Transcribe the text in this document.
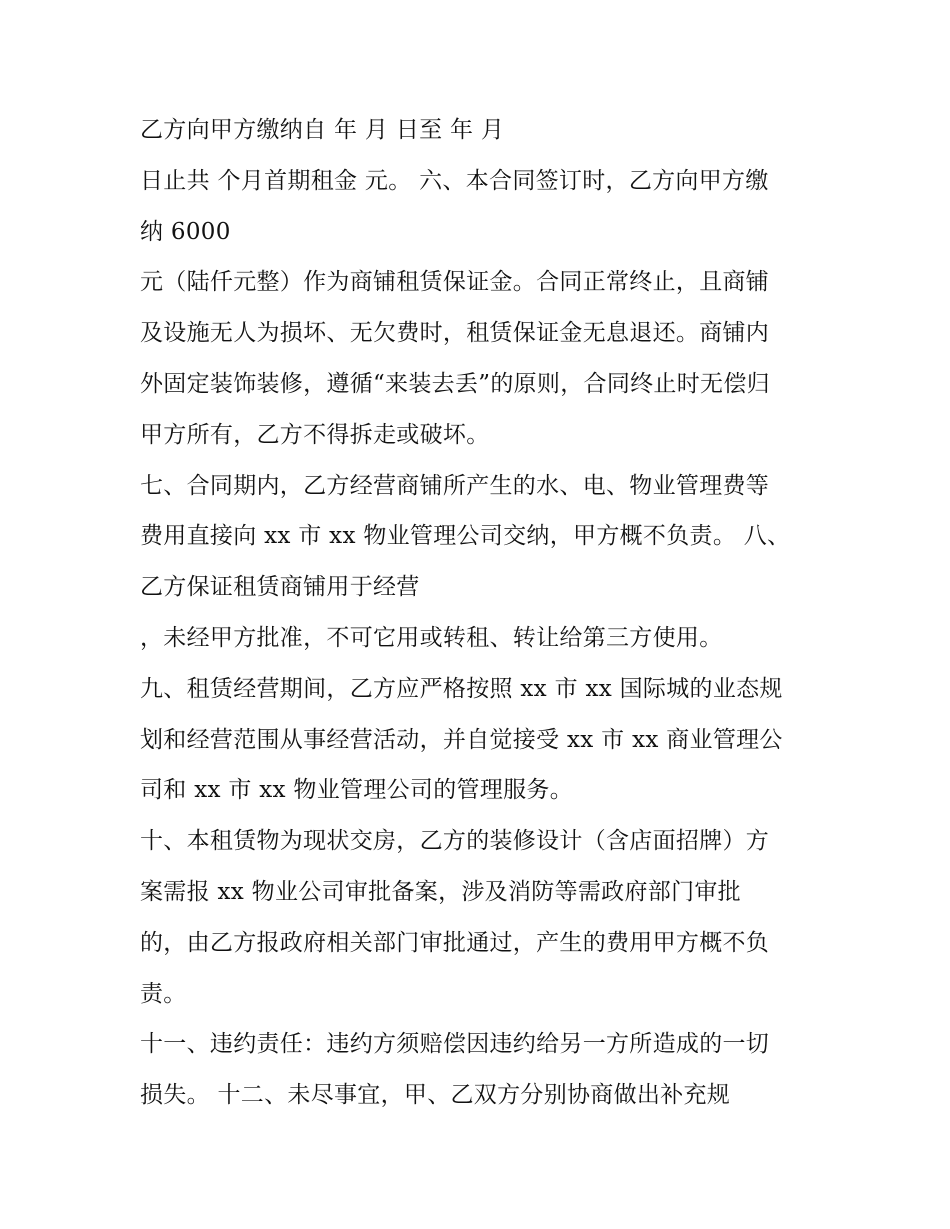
乙方向甲方缴纳自 年 月 日至 年 月
日止共 个月首期租金 元。 六、本合同签订时，乙方向甲方缴
纳 6000
元（陆仟元整）作为商铺租赁保证金。合同正常终止，且商铺
及设施无人为损坏、无欠费时，租赁保证金无息退还。商铺内
外固定装饰装修，遵循“来装去丢”的原则，合同终止时无偿归
甲方所有，乙方不得拆走或破坏。
七、合同期内，乙方经营商铺所产生的水、电、物业管理费等
费用直接向 xx 市 xx 物业管理公司交纳，甲方概不负责。 八、
乙方保证租赁商铺用于经营
，未经甲方批准，不可它用或转租、转让给第三方使用。
九、租赁经营期间，乙方应严格按照 xx 市 xx 国际城的业态规
划和经营范围从事经营活动，并自觉接受 xx 市 xx 商业管理公
司和 xx 市 xx 物业管理公司的管理服务。
十、本租赁物为现状交房，乙方的装修设计（含店面招牌）方
案需报 xx 物业公司审批备案，涉及消防等需政府部门审批
的，由乙方报政府相关部门审批通过，产生的费用甲方概不负
责。
十一、违约责任：违约方须赔偿因违约给另一方所造成的一切
损失。 十二、未尽事宜，甲、乙双方分别协商做出补充规
